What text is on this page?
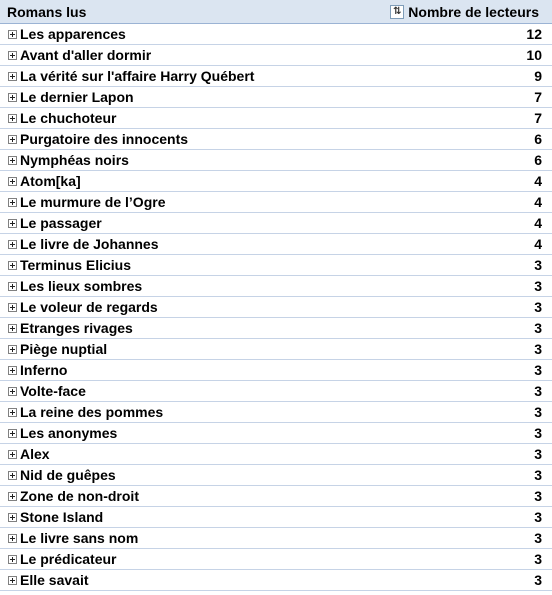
Romans lus	⇅ Nombre de lecteurs
Les apparences	12
Avant d'aller dormir	10
La vérité sur l'affaire Harry Québert	9
Le dernier Lapon	7
Le chuchoteur	7
Purgatoire des innocents	6
Nymphéas noirs	6
Atom[ka]	4
Le murmure de l’Ogre	4
Le passager	4
Le livre de Johannes	4
Terminus Elicius	3
Les lieux sombres	3
Le voleur de regards	3
Etranges rivages	3
Piège nuptial	3
Inferno	3
Volte-face	3
La reine des pommes	3
Les anonymes	3
Alex	3
Nid de guêpes	3
Zone de non-droit	3
Stone Island	3
Le livre sans nom	3
Le prédicateur	3
Elle savait	3
